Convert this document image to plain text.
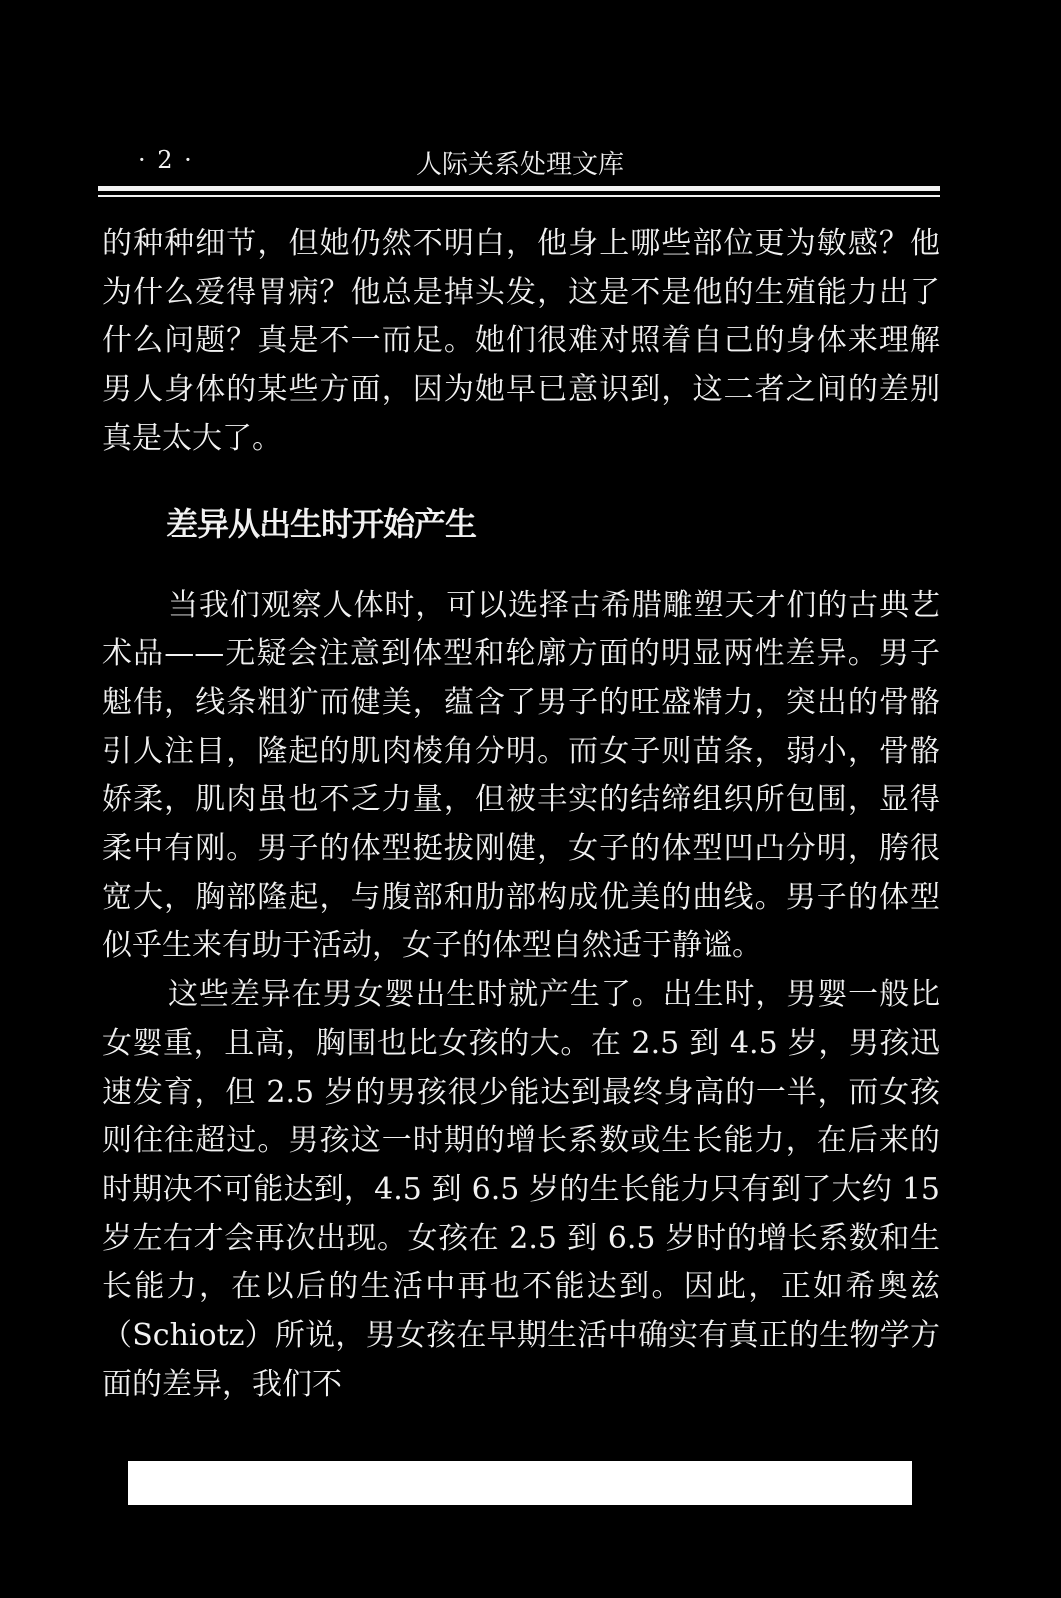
· 2 ·	人际关系处理文库

的种种细节，但她仍然不明白，他身上哪些部位更为敏感？他为什么爱得胃病？他总是掉头发，这是不是他的生殖能力出了什么问题？真是不一而足。她们很难对照着自己的身体来理解男人身体的某些方面，因为她早已意识到，这二者之间的差别真是太大了。

差异从出生时开始产生

当我们观察人体时，可以选择古希腊雕塑天才们的古典艺术品——无疑会注意到体型和轮廓方面的明显两性差异。男子魁伟，线条粗犷而健美，蕴含了男子的旺盛精力，突出的骨骼引人注目，隆起的肌肉棱角分明。而女子则苗条，弱小，骨骼娇柔，肌肉虽也不乏力量，但被丰实的结缔组织所包围，显得柔中有刚。男子的体型挺拔刚健，女子的体型凹凸分明，胯很宽大，胸部隆起，与腹部和肋部构成优美的曲线。男子的体型似乎生来有助于活动，女子的体型自然适于静谧。

这些差异在男女婴出生时就产生了。出生时，男婴一般比女婴重，且高，胸围也比女孩的大。在 2.5 到 4.5 岁，男孩迅速发育，但 2.5 岁的男孩很少能达到最终身高的一半，而女孩则往往超过。男孩这一时期的增长系数或生长能力，在后来的时期决不可能达到，4.5 到 6.5 岁的生长能力只有到了大约 15 岁左右才会再次出现。女孩在 2.5 到 6.5 岁时的增长系数和生长能力，在以后的生活中再也不能达到。因此，正如希奥兹（Schiotz）所说，男女孩在早期生活中确实有真正的生物学方面的差异，我们不
